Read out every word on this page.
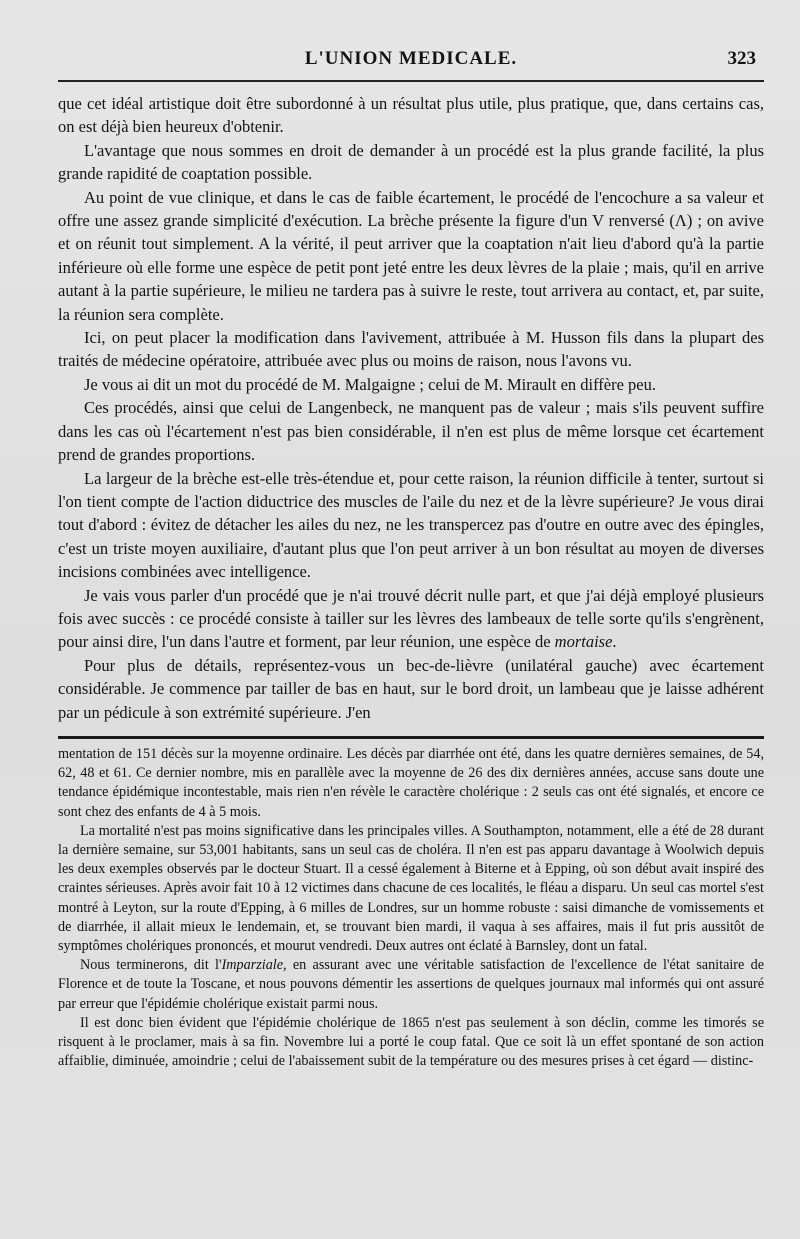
L'UNION MEDICALE.	323

que cet idéal artistique doit être subordonné à un résultat plus utile, plus pratique, que, dans certains cas, on est déjà bien heureux d'obtenir.

L'avantage que nous sommes en droit de demander à un procédé est la plus grande facilité, la plus grande rapidité de coaptation possible.

Au point de vue clinique, et dans le cas de faible écartement, le procédé de l'encochure a sa valeur et offre une assez grande simplicité d'exécution. La brèche présente la figure d'un V renversé (Λ) ; on avive et on réunit tout simplement. A la vérité, il peut arriver que la coaptation n'ait lieu d'abord qu'à la partie inférieure où elle forme une espèce de petit pont jeté entre les deux lèvres de la plaie ; mais, qu'il en arrive autant à la partie supérieure, le milieu ne tardera pas à suivre le reste, tout arrivera au contact, et, par suite, la réunion sera complète.

Ici, on peut placer la modification dans l'avivement, attribuée à M. Husson fils dans la plupart des traités de médecine opératoire, attribuée avec plus ou moins de raison, nous l'avons vu.

Je vous ai dit un mot du procédé de M. Malgaigne ; celui de M. Mirault en diffère peu.

Ces procédés, ainsi que celui de Langenbeck, ne manquent pas de valeur ; mais s'ils peuvent suffire dans les cas où l'écartement n'est pas bien considérable, il n'en est plus de même lorsque cet écartement prend de grandes proportions.

La largeur de la brèche est-elle très-étendue et, pour cette raison, la réunion difficile à tenter, surtout si l'on tient compte de l'action diductrice des muscles de l'aile du nez et de la lèvre supérieure? Je vous dirai tout d'abord : évitez de détacher les ailes du nez, ne les transpercez pas d'outre en outre avec des épingles, c'est un triste moyen auxiliaire, d'autant plus que l'on peut arriver à un bon résultat au moyen de diverses incisions combinées avec intelligence.

Je vais vous parler d'un procédé que je n'ai trouvé décrit nulle part, et que j'ai déjà employé plusieurs fois avec succès : ce procédé consiste à tailler sur les lèvres des lambeaux de telle sorte qu'ils s'engrènent, pour ainsi dire, l'un dans l'autre et forment, par leur réunion, une espèce de mortaise.

Pour plus de détails, représentez-vous un bec-de-lièvre (unilatéral gauche) avec écartement considérable. Je commence par tailler de bas en haut, sur le bord droit, un lambeau que je laisse adhérent par un pédicule à son extrémité supérieure. J'en

mentation de 151 décès sur la moyenne ordinaire. Les décès par diarrhée ont été, dans les quatre dernières semaines, de 54, 62, 48 et 61. Ce dernier nombre, mis en parallèle avec la moyenne de 26 des dix dernières années, accuse sans doute une tendance épidémique incontestable, mais rien n'en révèle le caractère cholérique : 2 seuls cas ont été signalés, et encore ce sont chez des enfants de 4 à 5 mois.

La mortalité n'est pas moins significative dans les principales villes. A Southampton, notamment, elle a été de 28 durant la dernière semaine, sur 53,001 habitants, sans un seul cas de choléra. Il n'en est pas apparu davantage à Woolwich depuis les deux exemples observés par le docteur Stuart. Il a cessé également à Biterne et à Epping, où son début avait inspiré des craintes sérieuses. Après avoir fait 10 à 12 victimes dans chacune de ces localités, le fléau a disparu. Un seul cas mortel s'est montré à Leyton, sur la route d'Epping, à 6 milles de Londres, sur un homme robuste : saisi dimanche de vomissements et de diarrhée, il allait mieux le lendemain, et, se trouvant bien mardi, il vaqua à ses affaires, mais il fut pris aussitôt de symptômes cholériques prononcés, et mourut vendredi. Deux autres ont éclaté à Barnsley, dont un fatal.

Nous terminerons, dit l'Imparziale, en assurant avec une véritable satisfaction de l'excellence de l'état sanitaire de Florence et de toute la Toscane, et nous pouvons démentir les assertions de quelques journaux mal informés qui ont assuré par erreur que l'épidémie cholérique existait parmi nous.

Il est donc bien évident que l'épidémie cholérique de 1865 n'est pas seulement à son déclin, comme les timorés se risquent à le proclamer, mais à sa fin. Novembre lui a porté le coup fatal. Que ce soit là un effet spontané de son action affaiblie, diminuée, amoindrie ; celui de l'abaissement subit de la température ou des mesures prises à cet égard — distinc-
